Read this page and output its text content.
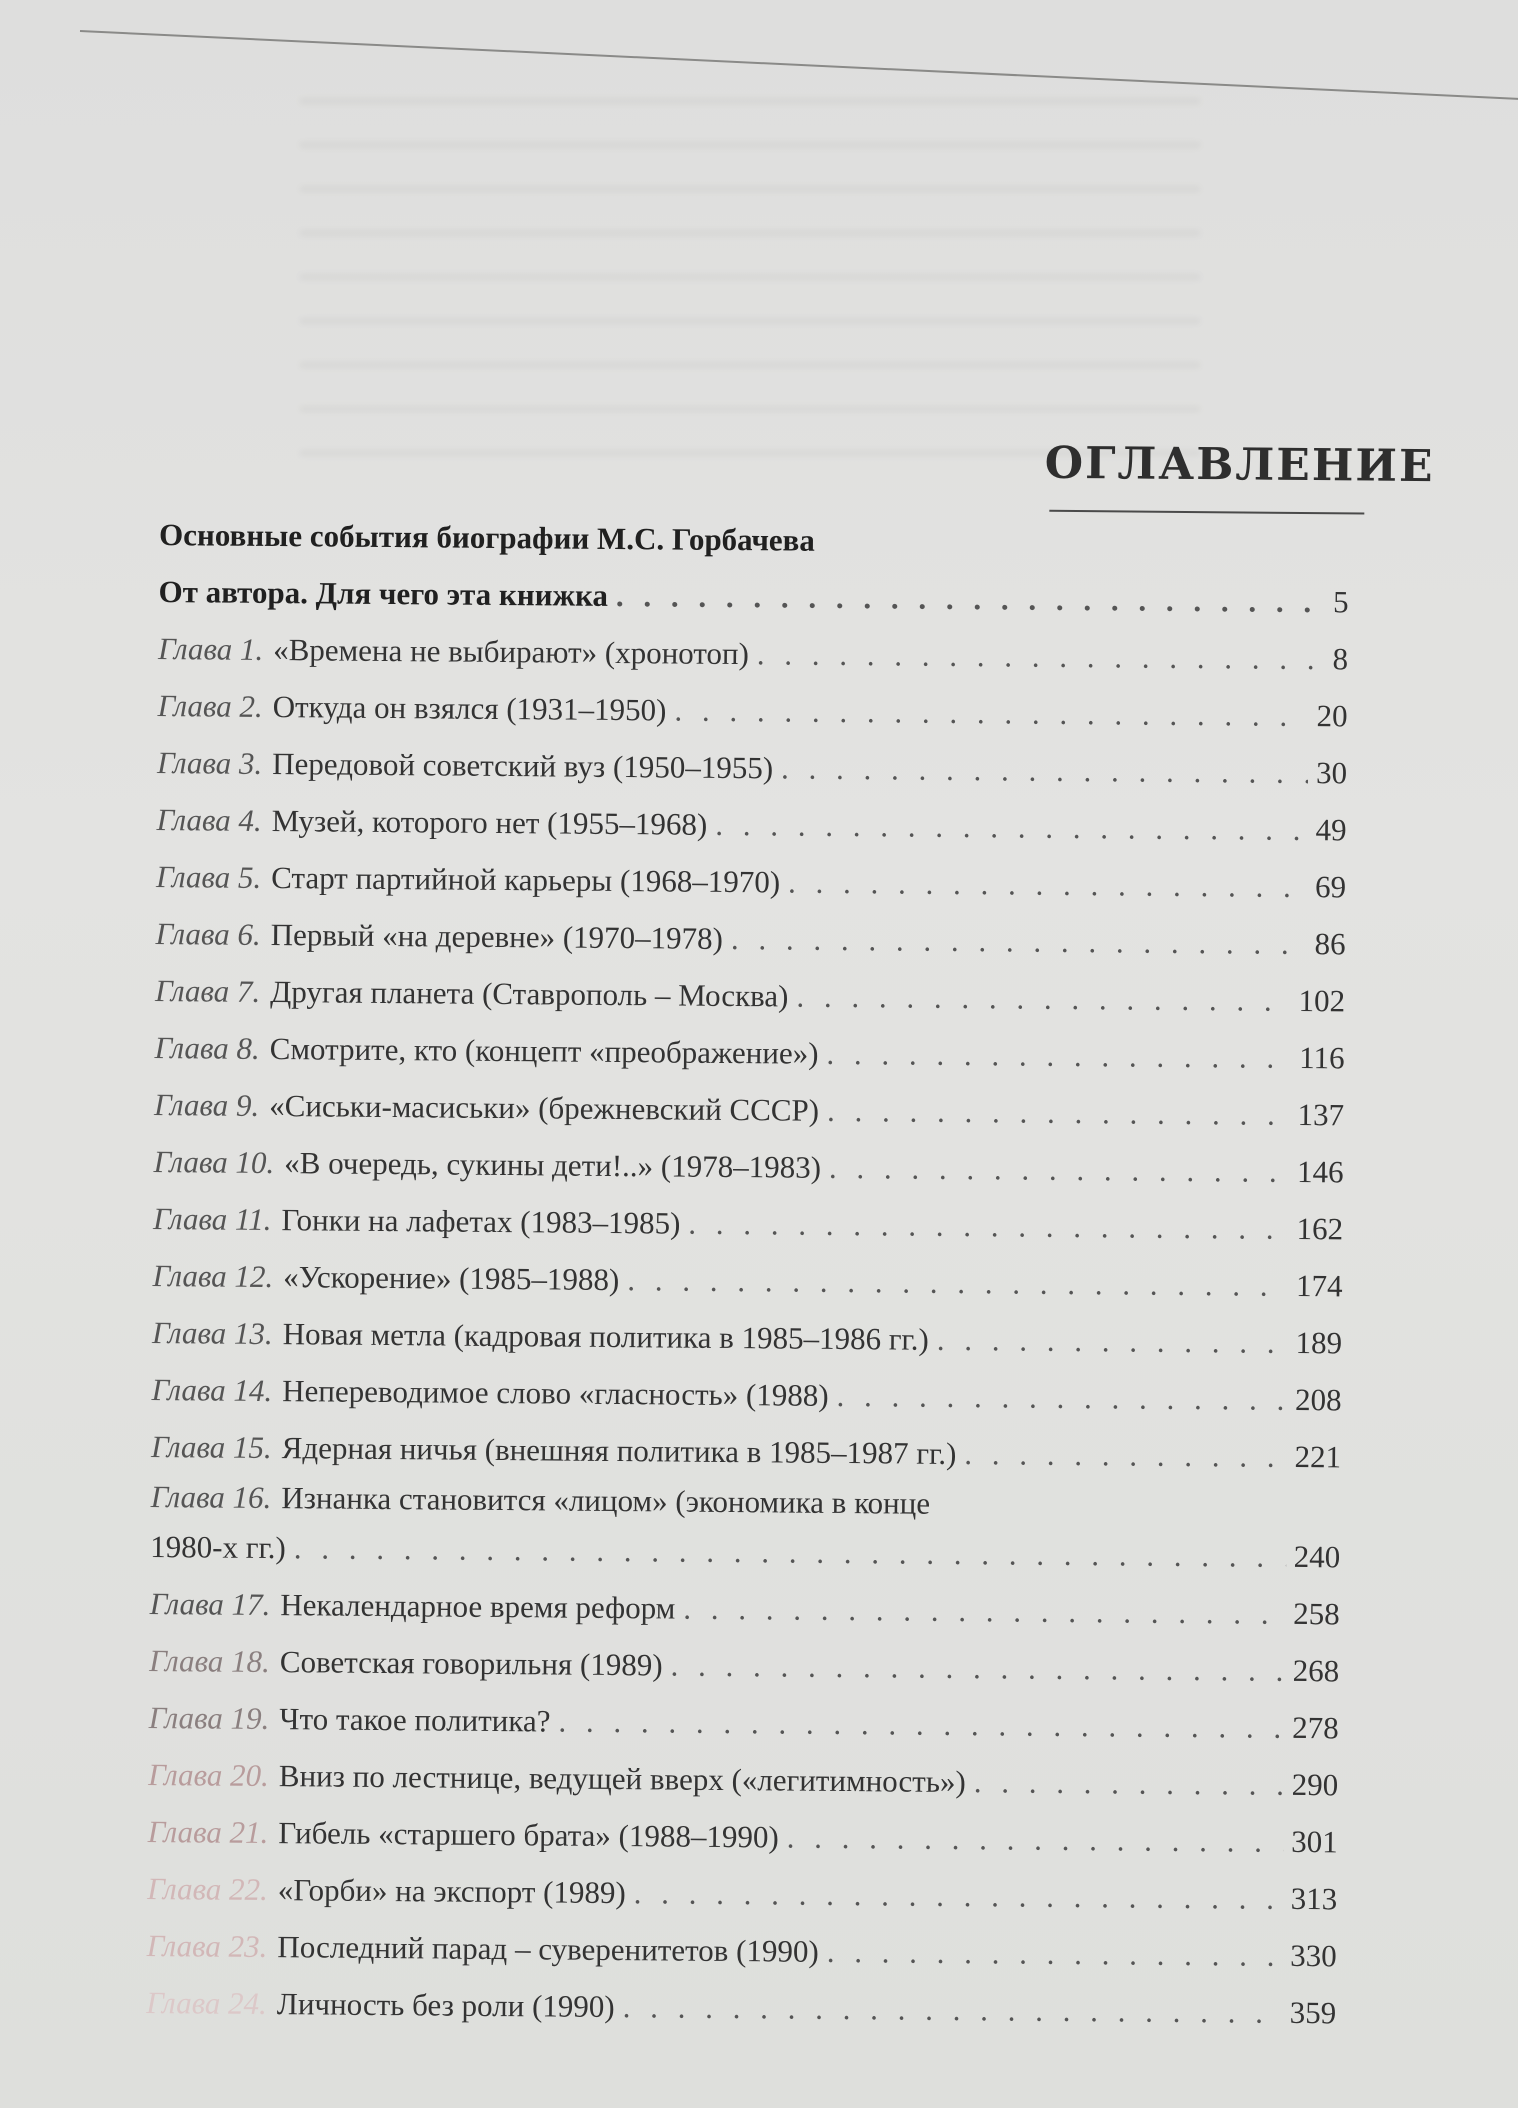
ОГЛАВЛЕНИЕ
Основные события биографии М.С. Горбачева
От автора. Для чего эта книжка . . .	5
Глава 1. «Времена не выбирают» (хронотоп) . . .	8
Глава 2. Откуда он взялся (1931–1950) . . .	20
Глава 3. Передовой советский вуз (1950–1955) . . .	30
Глава 4. Музей, которого нет (1955–1968) . . .	49
Глава 5. Старт партийной карьеры (1968–1970) . . .	69
Глава 6. Первый «на деревне» (1970–1978) . . .	86
Глава 7. Другая планета (Ставрополь – Москва) . . .	102
Глава 8. Смотрите, кто (концепт «преображение») . . .	116
Глава 9. «Сиськи-масиськи» (брежневский СССР) . . .	137
Глава 10. «В очередь, сукины дети!..» (1978–1983) . . .	146
Глава 11. Гонки на лафетах (1983–1985) . . .	162
Глава 12. «Ускорение» (1985–1988) . . .	174
Глава 13. Новая метла (кадровая политика в 1985–1986 гг.) . . .	189
Глава 14. Непереводимое слово «гласность» (1988) . . .	208
Глава 15. Ядерная ничья (внешняя политика в 1985–1987 гг.) . . .	221
Глава 16. Изнанка становится «лицом» (экономика в конце
1980-х гг.) . . .	240
Глава 17. Некалендарное время реформ . . .	258
Глава 18. Советская говорильня (1989) . . .	268
Глава 19. Что такое политика? . . .	278
Глава 20. Вниз по лестнице, ведущей вверх («легитимность») . . .	290
Глава 21. Гибель «старшего брата» (1988–1990) . . .	301
Глава 22. «Горби» на экспорт (1989) . . .	313
Глава 23. Последний парад – суверенитетов (1990) . . .	330
Глава 24. Личность без роли (1990) . . .	359
